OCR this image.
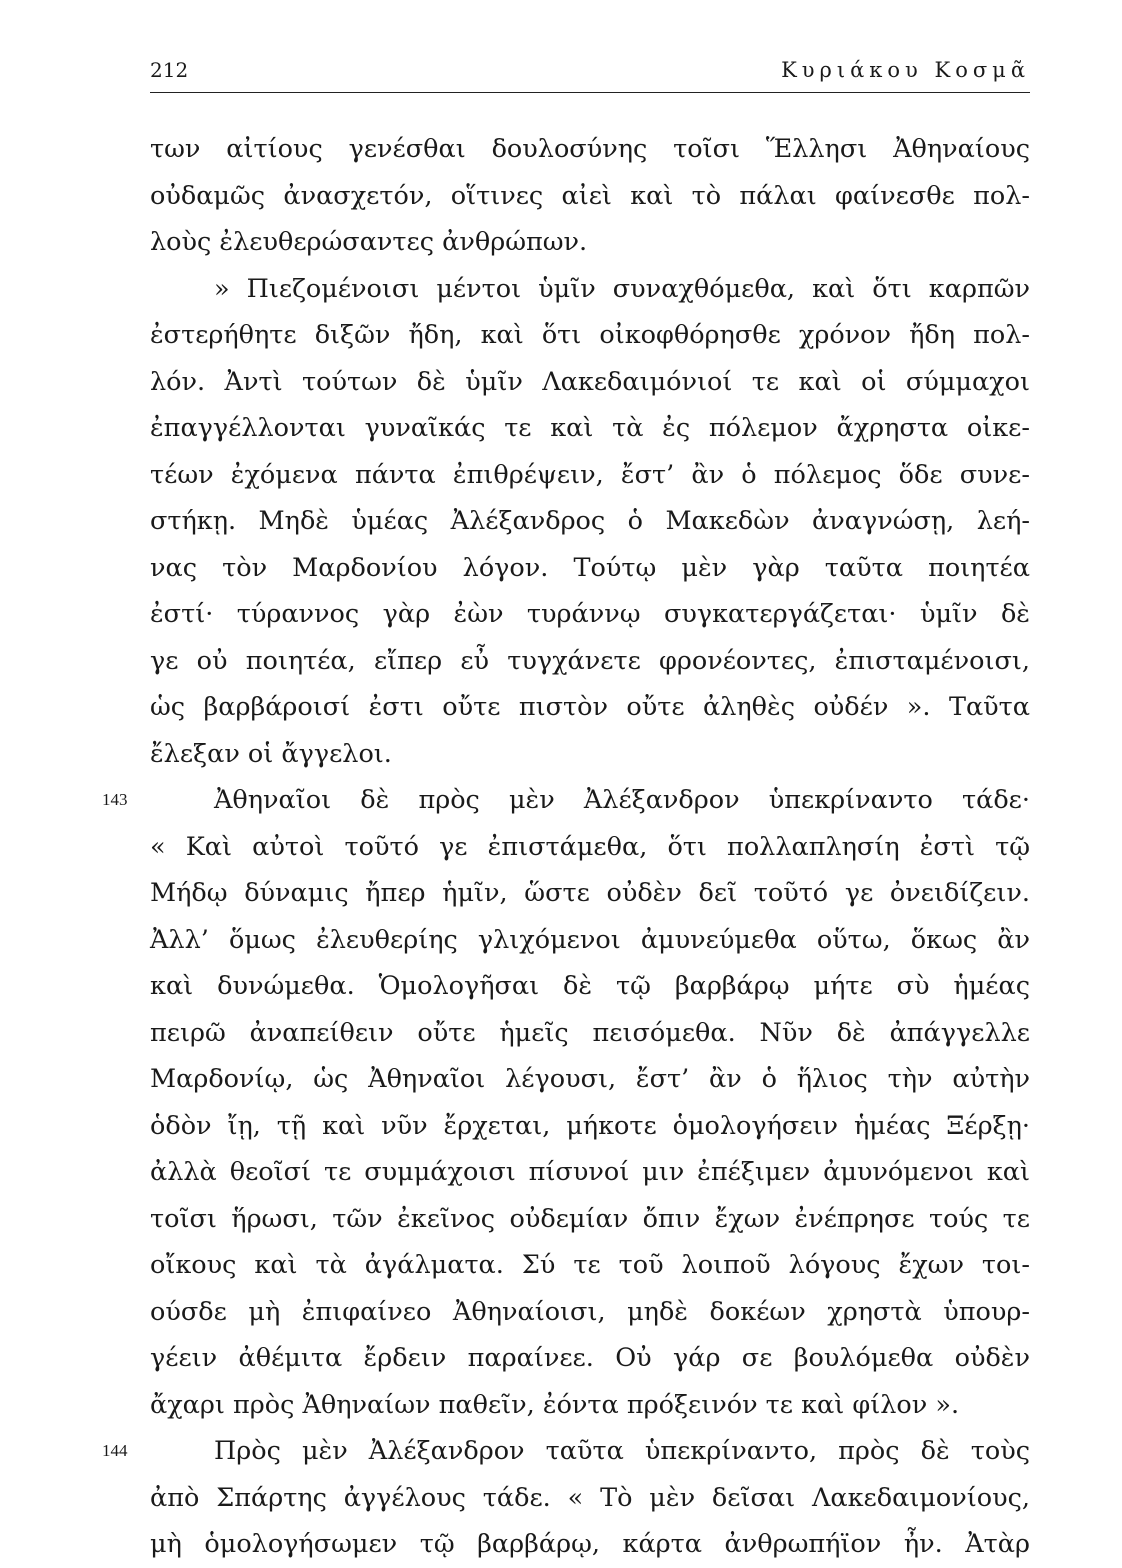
212	Κυριάκου Κοσμᾶ
των αἰτίους γενέσθαι δουλοσύνης τοῖσι Ἕλλησι Ἀθηναίους
οὐδαμῶς ἀνασχετόν, οἵτινες αἰεὶ καὶ τὸ πάλαι φαίνεσθε πολ-
λοὺς ἐλευθερώσαντες ἀνθρώπων.
» Πιεζομένοισι μέντοι ὑμῖν συναχθόμεθα, καὶ ὅτι καρπῶν
ἐστερήθητε διξῶν ἤδη, καὶ ὅτι οἰκοφθόρησθε χρόνον ἤδη πολ-
λόν. Ἀντὶ τούτων δὲ ὑμῖν Λακεδαιμόνιοί τε καὶ οἱ σύμμαχοι
ἐπαγγέλλονται γυναῖκάς τε καὶ τὰ ἐς πόλεμον ἄχρηστα οἰκε-
τέων ἐχόμενα πάντα ἐπιθρέψειν, ἔστ’ ἂν ὁ πόλεμος ὅδε συνε-
στήκῃ. Μηδὲ ὑμέας Ἀλέξανδρος ὁ Μακεδὼν ἀναγνώσῃ, λεή-
νας τὸν Μαρδονίου λόγον. Τούτῳ μὲν γὰρ ταῦτα ποιητέα
ἐστί· τύραννος γὰρ ἐὼν τυράννῳ συγκατεργάζεται· ὑμῖν δὲ
γε οὐ ποιητέα, εἴπερ εὖ τυγχάνετε φρονέοντες, ἐπισταμένοισι,
ὡς βαρβάροισί ἐστι οὔτε πιστὸν οὔτε ἀληθὲς οὐδέν ». Ταῦτα
ἔλεξαν οἱ ἄγγελοι.
143	Ἀθηναῖοι δὲ πρὸς μὲν Ἀλέξανδρον ὑπεκρίναντο τάδε·
« Καὶ αὐτοὶ τοῦτό γε ἐπιστάμεθα, ὅτι πολλαπλησίη ἐστὶ τῷ
Μήδῳ δύναμις ἤπερ ἡμῖν, ὥστε οὐδὲν δεῖ τοῦτό γε ὀνειδίζειν.
Ἀλλ’ ὅμως ἐλευθερίης γλιχόμενοι ἀμυνεύμεθα οὕτω, ὅκως ἂν
καὶ δυνώμεθα. Ὁμολογῆσαι δὲ τῷ βαρβάρῳ μήτε σὺ ἡμέας
πειρῶ ἀναπείθειν οὔτε ἡμεῖς πεισόμεθα. Νῦν δὲ ἀπάγγελλε
Μαρδονίῳ, ὡς Ἀθηναῖοι λέγουσι, ἔστ’ ἂν ὁ ἥλιος τὴν αὐτὴν
ὁδὸν ἴῃ, τῇ καὶ νῦν ἔρχεται, μήκοτε ὁμολογήσειν ἡμέας Ξέρξῃ·
ἀλλὰ θεοῖσί τε συμμάχοισι πίσυνοί μιν ἐπέξιμεν ἀμυνόμενοι καὶ
τοῖσι ἥρωσι, τῶν ἐκεῖνος οὐδεμίαν ὄπιν ἔχων ἐνέπρησε τούς τε
οἴκους καὶ τὰ ἀγάλματα. Σύ τε τοῦ λοιποῦ λόγους ἔχων τοι-
ούσδε μὴ ἐπιφαίνεο Ἀθηναίοισι, μηδὲ δοκέων χρηστὰ ὑπουρ-
γέειν ἀθέμιτα ἔρδειν παραίνεε. Οὐ γάρ σε βουλόμεθα οὐδὲν
ἄχαρι πρὸς Ἀθηναίων παθεῖν, ἐόντα πρόξεινόν τε καὶ φίλον ».
144	Πρὸς μὲν Ἀλέξανδρον ταῦτα ὑπεκρίναντο, πρὸς δὲ τοὺς
ἀπὸ Σπάρτης ἀγγέλους τάδε. « Τὸ μὲν δεῖσαι Λακεδαιμονίους,
μὴ ὁμολογήσωμεν τῷ βαρβάρῳ, κάρτα ἀνθρωπήϊον ἦν. Ἀτὰρ
